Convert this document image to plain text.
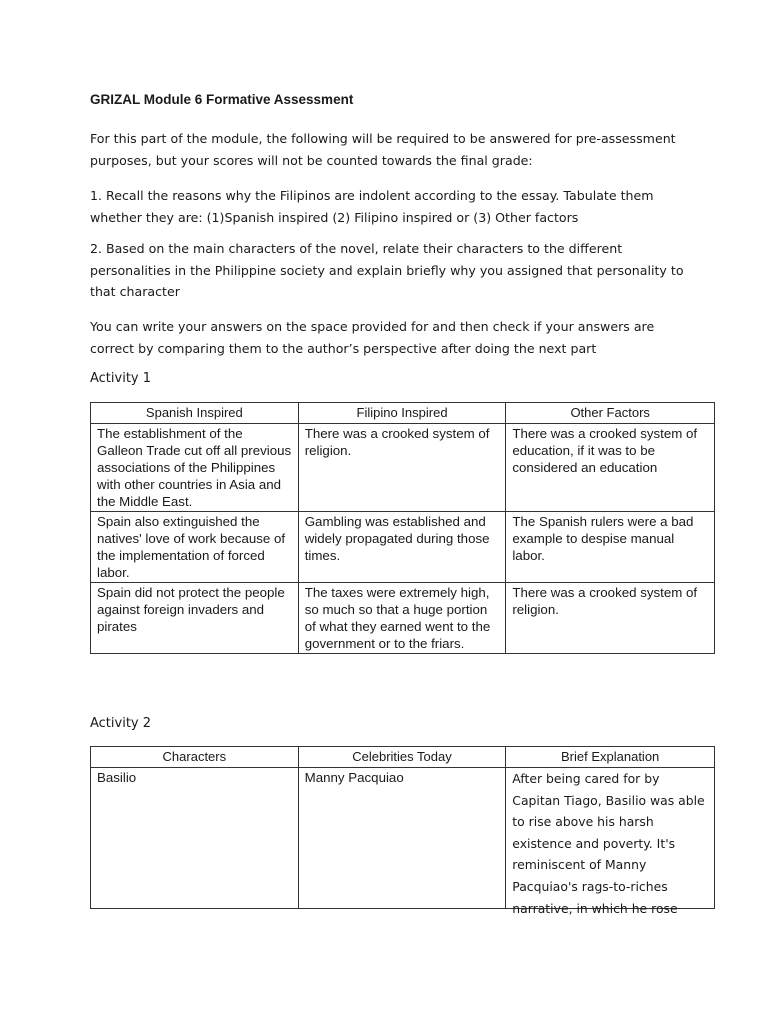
GRIZAL Module 6 Formative Assessment
For this part of the module, the following will be required to be answered for pre-assessment purposes, but your scores will not be counted towards the final grade:
1. Recall the reasons why the Filipinos are indolent according to the essay. Tabulate them whether they are: (1)Spanish inspired (2) Filipino inspired or (3) Other factors
2. Based on the main characters of the novel, relate their characters to the different personalities in the Philippine society and explain briefly why you assigned that personality to that character
You can write your answers on the space provided for and then check if your answers are correct by comparing them to the author’s perspective after doing the next part
Activity 1
Spanish Inspired	Filipino Inspired	Other Factors
The establishment of the Galleon Trade cut off all previous associations of the Philippines with other countries in Asia and the Middle East.	There was a crooked system of religion.	There was a crooked system of education, if it was to be considered an education
Spain also extinguished the natives' love of work because of the implementation of forced labor.	Gambling was established and widely propagated during those times.	The Spanish rulers were a bad example to despise manual labor.
Spain did not protect the people against foreign invaders and pirates	The taxes were extremely high, so much so that a huge portion of what they earned went to the government or to the friars.	There was a crooked system of religion.
Activity 2
Characters	Celebrities Today	Brief Explanation
Basilio	Manny Pacquiao	After being cared for by Capitan Tiago, Basilio was able to rise above his harsh existence and poverty. It's reminiscent of Manny Pacquiao's rags-to-riches narrative, in which he rose
